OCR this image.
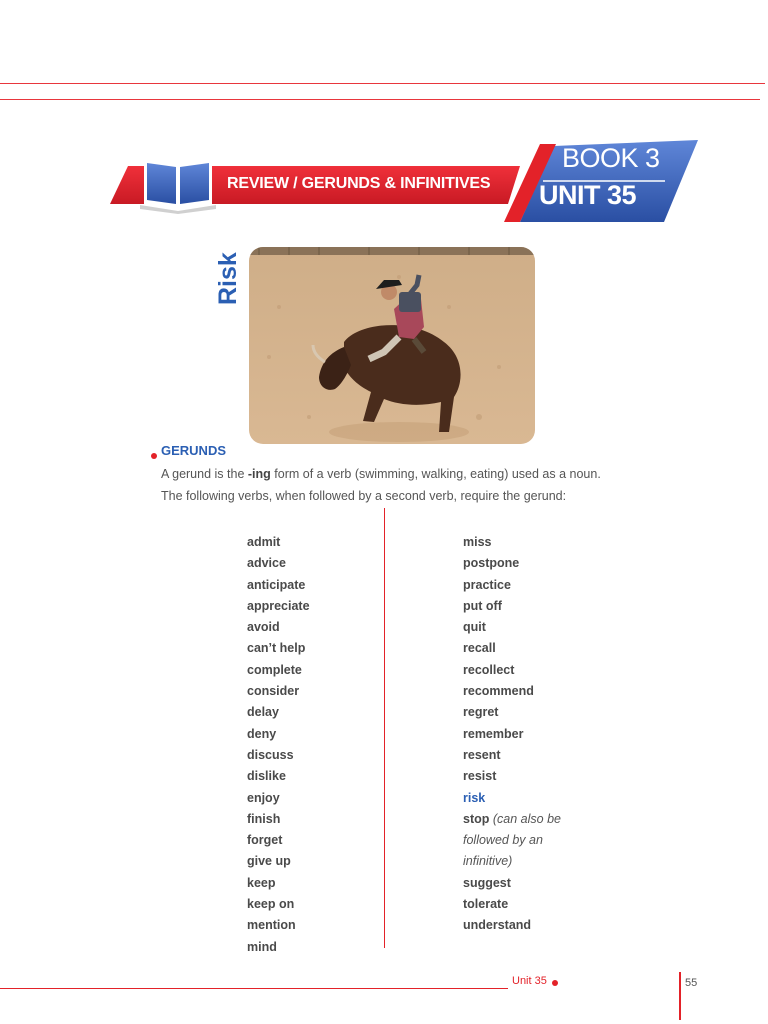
REVIEW / GERUNDS & INFINITIVES
BOOK 3
UNIT 35
Risk
GERUNDS
A gerund is the -ing form of a verb (swimming, walking, eating) used as a noun.
The following verbs, when followed by a second verb, require the gerund:
admit
advice
anticipate
appreciate
avoid
can’t help
complete
consider
delay
deny
discuss
dislike
enjoy
finish
forget
give up
keep
keep on
mention
mind
miss
postpone
practice
put off
quit
recall
recollect
recommend
regret
remember
resent
resist
risk
stop (can also be
followed by an
infinitive)
suggest
tolerate
understand
Unit 35	55
